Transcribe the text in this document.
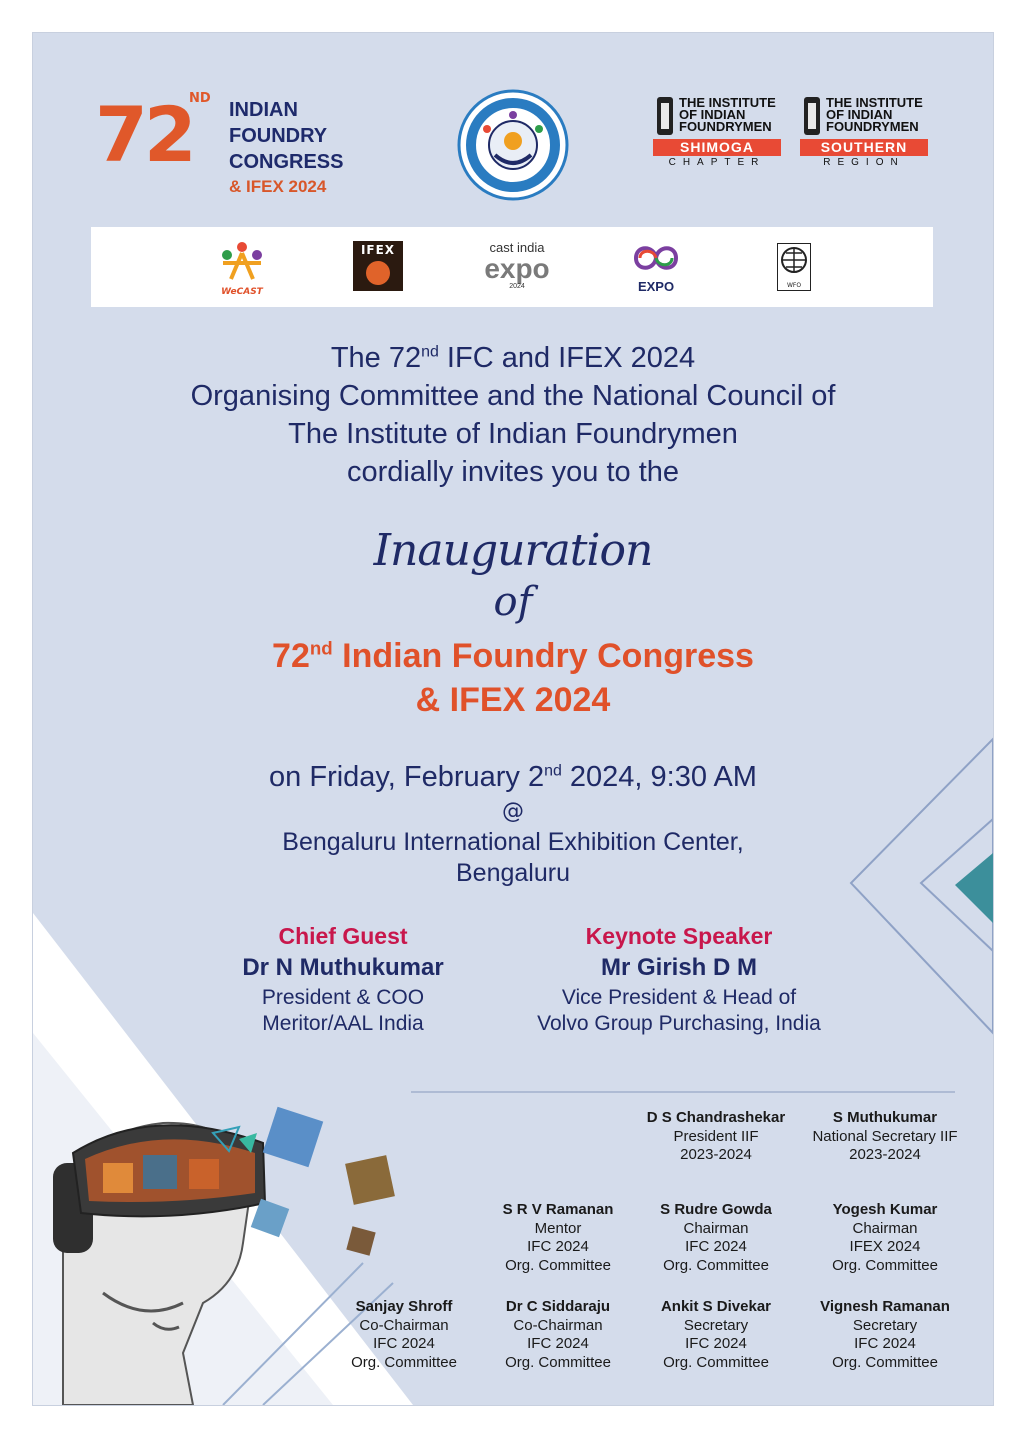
72
ND
INDIAN
FOUNDRY
CONGRESS
& IFEX 2024
THE INSTITUTE
OF INDIAN
FOUNDRYMEN
SHIMOGA
CHAPTER
THE INSTITUTE
OF INDIAN
FOUNDRYMEN
SOUTHERN
REGION
WeCAST
IFEX	cast india
expo
2024	EXPO	WFO
The 72nd IFC and IFEX 2024
Organising Committee and the National Council of
The Institute of Indian Foundrymen
cordially invites you to the
Inauguration
of
72nd Indian Foundry Congress
& IFEX 2024
on Friday, February 2nd 2024, 9:30 AM
@
Bengaluru International Exhibition Center,
Bengaluru
Chief Guest
Dr N Muthukumar
President & COO
Meritor/AAL India
Keynote Speaker
Mr Girish D M
Vice President & Head of
Volvo Group Purchasing, India
D S Chandrashekar
President IIF
2023-2024
S Muthukumar
National Secretary IIF
2023-2024
S R V Ramanan
Mentor
IFC 2024
Org. Committee
S Rudre Gowda
Chairman
IFC 2024
Org. Committee
Yogesh Kumar
Chairman
IFEX 2024
Org. Committee
Sanjay Shroff
Co-Chairman
IFC 2024
Org. Committee
Dr C Siddaraju
Co-Chairman
IFC 2024
Org. Committee
Ankit S Divekar
Secretary
IFC 2024
Org. Committee
Vignesh Ramanan
Secretary
IFC 2024
Org. Committee
